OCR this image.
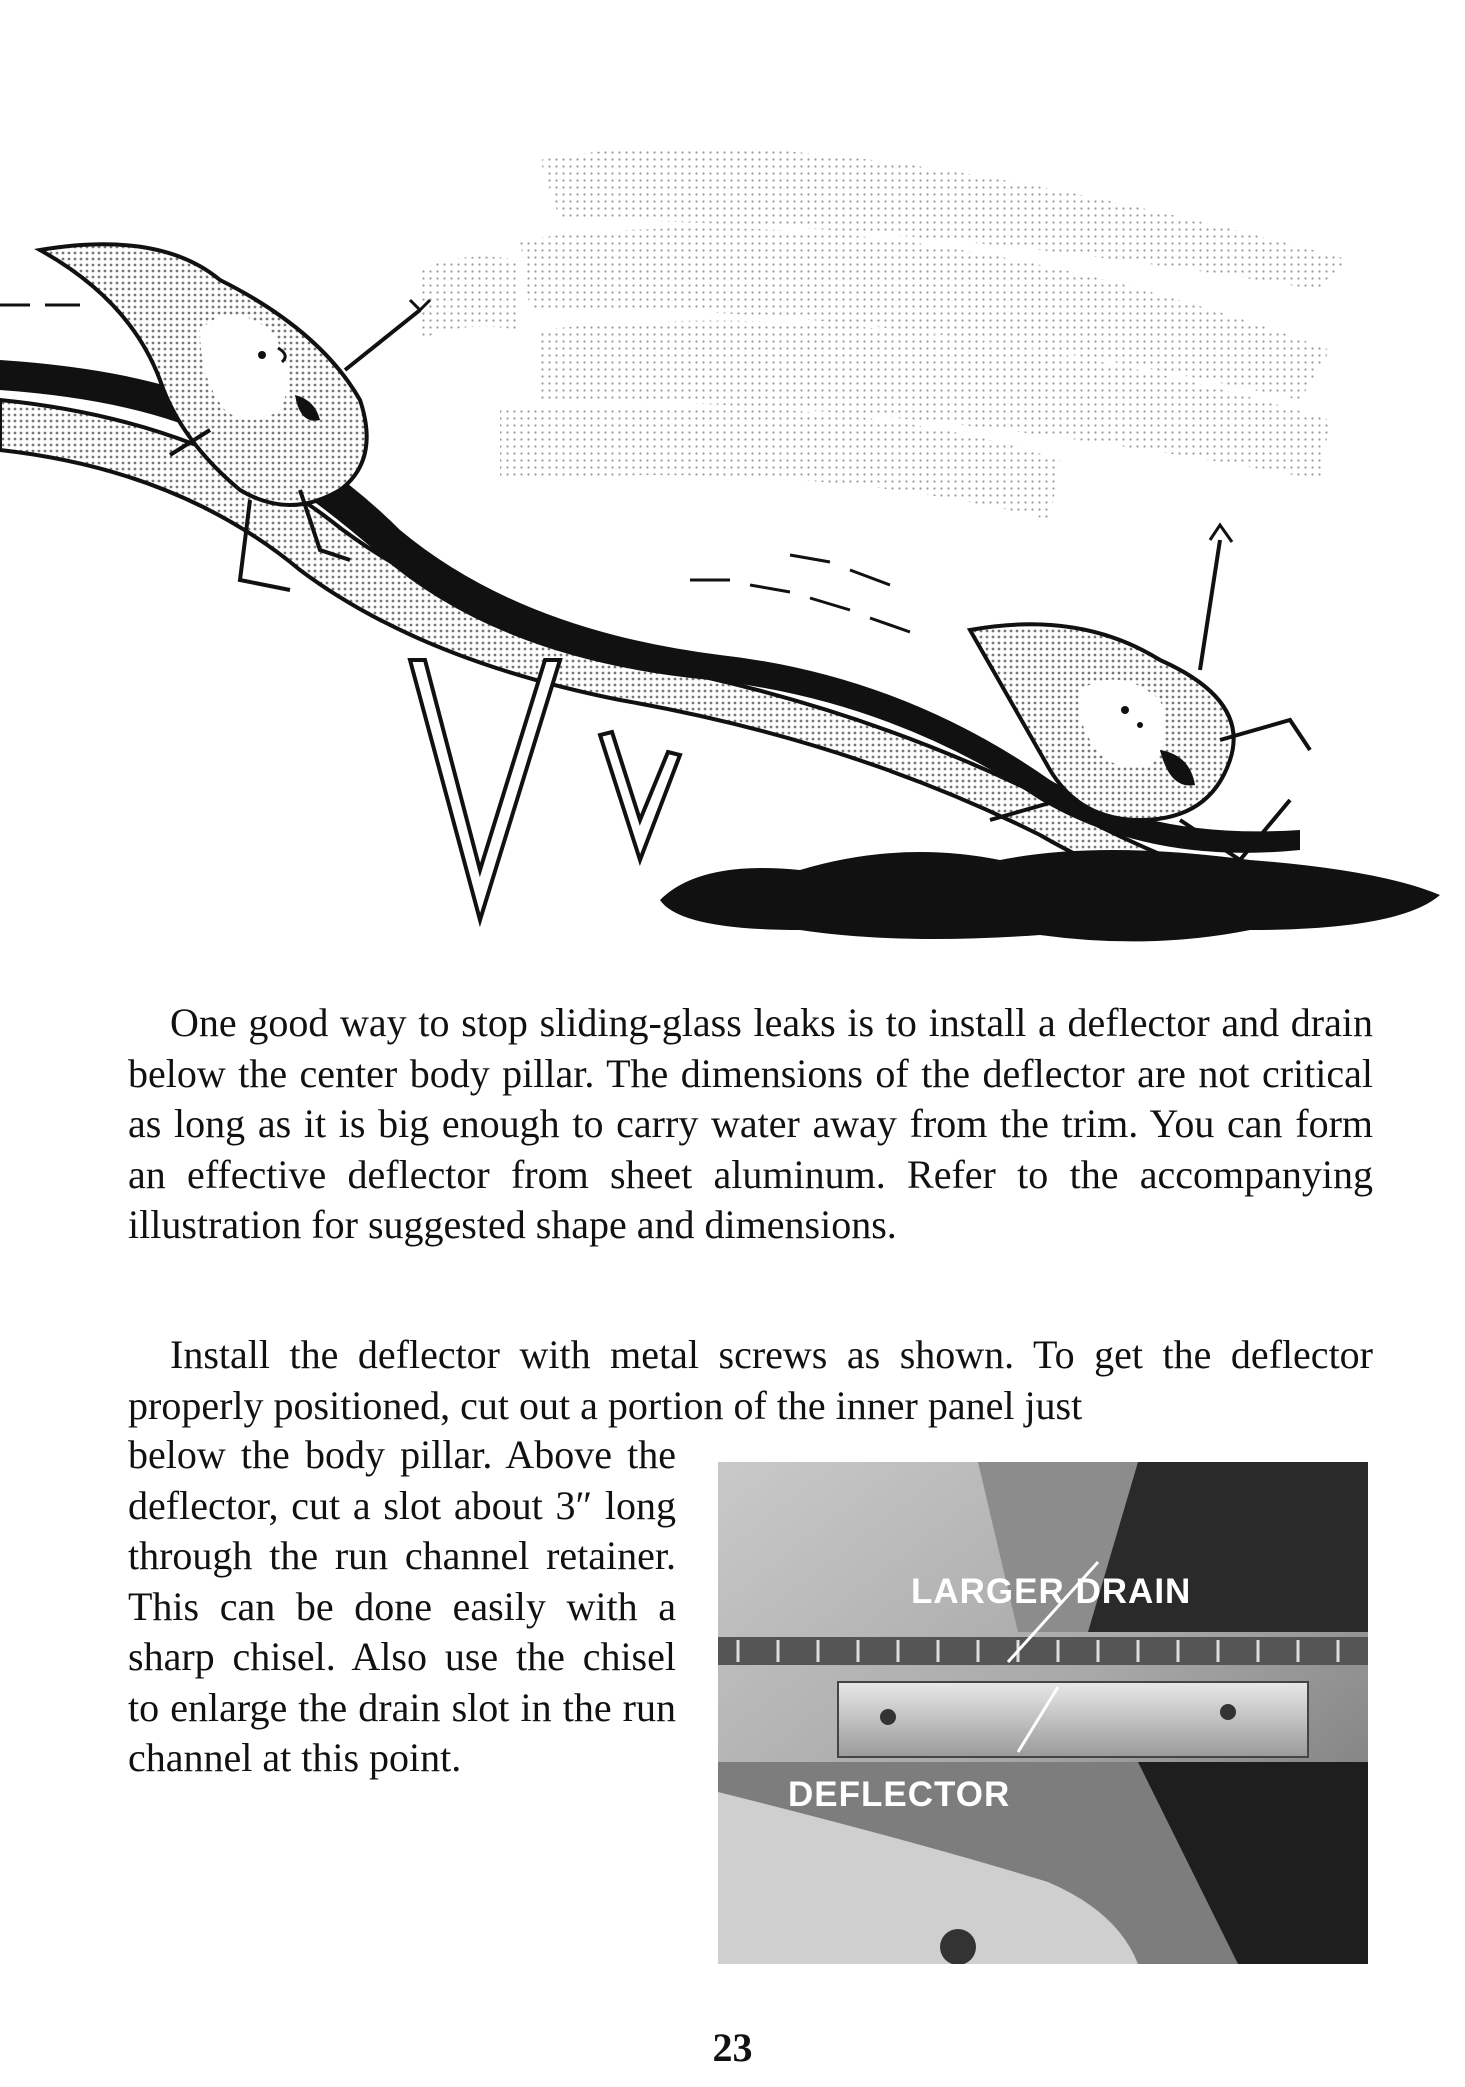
One good way to stop sliding-glass leaks is to install a deflector and drain below the center body pillar. The dimensions of the deflector are not critical as long as it is big enough to carry water away from the trim. You can form an effective deflector from sheet aluminum. Refer to the accompanying illustration for suggested shape and dimensions.

Install the deflector with metal screws as shown. To get the deflector properly positioned, cut out a portion of the inner panel just

below the body pillar. Above the deflector, cut a slot about 3″ long through the run channel retainer. This can be done easily with a sharp chisel. Also use the chisel to enlarge the drain slot in the run channel at this point.

LARGER DRAIN
DEFLECTOR
23
